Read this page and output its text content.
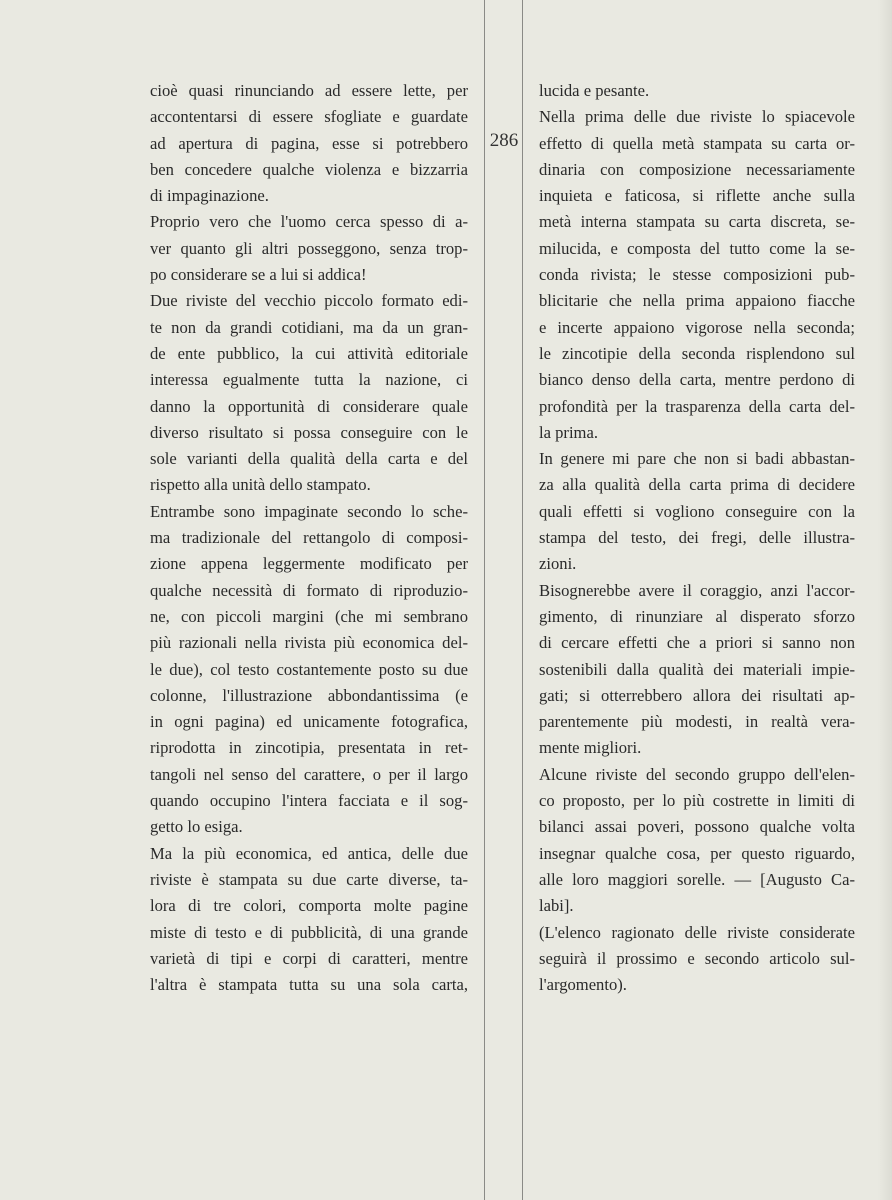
286

cioè quasi rinunciando ad essere lette, per
accontentarsi di essere sfogliate e guardate
ad apertura di pagina, esse si potrebbero
ben concedere qualche violenza e bizzarria
di impaginazione.

Proprio vero che l'uomo cerca spesso di a-
ver quanto gli altri posseggono, senza trop-
po considerare se a lui si addica!

Due riviste del vecchio piccolo formato edi-
te non da grandi cotidiani, ma da un gran-
de ente pubblico, la cui attività editoriale
interessa egualmente tutta la nazione, ci
danno la opportunità di considerare quale
diverso risultato si possa conseguire con le
sole varianti della qualità della carta e del
rispetto alla unità dello stampato.

Entrambe sono impaginate secondo lo sche-
ma tradizionale del rettangolo di composi-
zione appena leggermente modificato per
qualche necessità di formato di riproduzio-
ne, con piccoli margini (che mi sembrano
più razionali nella rivista più economica del-
le due), col testo costantemente posto su due
colonne, l'illustrazione abbondantissima (e
in ogni pagina) ed unicamente fotografica,
riprodotta in zincotipia, presentata in ret-
tangoli nel senso del carattere, o per il largo
quando occupino l'intera facciata e il sog-
getto lo esiga.

Ma la più economica, ed antica, delle due
riviste è stampata su due carte diverse, ta-
lora di tre colori, comporta molte pagine
miste di testo e di pubblicità, di una grande
varietà di tipi e corpi di caratteri, mentre
l'altra è stampata tutta su una sola carta,

lucida e pesante.

Nella prima delle due riviste lo spiacevole
effetto di quella metà stampata su carta or-
dinaria con composizione necessariamente
inquieta e faticosa, si riflette anche sulla
metà interna stampata su carta discreta, se-
milucida, e composta del tutto come la se-
conda rivista; le stesse composizioni pub-
blicitarie che nella prima appaiono fiacche
e incerte appaiono vigorose nella seconda;
le zincotipie della seconda risplendono sul
bianco denso della carta, mentre perdono di
profondità per la trasparenza della carta del-
la prima.

In genere mi pare che non si badi abbastan-
za alla qualità della carta prima di decidere
quali effetti si vogliono conseguire con la
stampa del testo, dei fregi, delle illustra-
zioni.

Bisognerebbe avere il coraggio, anzi l'accor-
gimento, di rinunziare al disperato sforzo
di cercare effetti che a priori si sanno non
sostenibili dalla qualità dei materiali impie-
gati; si otterrebbero allora dei risultati ap-
parentemente più modesti, in realtà vera-
mente migliori.

Alcune riviste del secondo gruppo dell'elen-
co proposto, per lo più costrette in limiti di
bilanci assai poveri, possono qualche volta
insegnar qualche cosa, per questo riguardo,
alle loro maggiori sorelle. — [Augusto Ca-
labi].

(L'elenco ragionato delle riviste considerate
seguirà il prossimo e secondo articolo sul-
l'argomento).
